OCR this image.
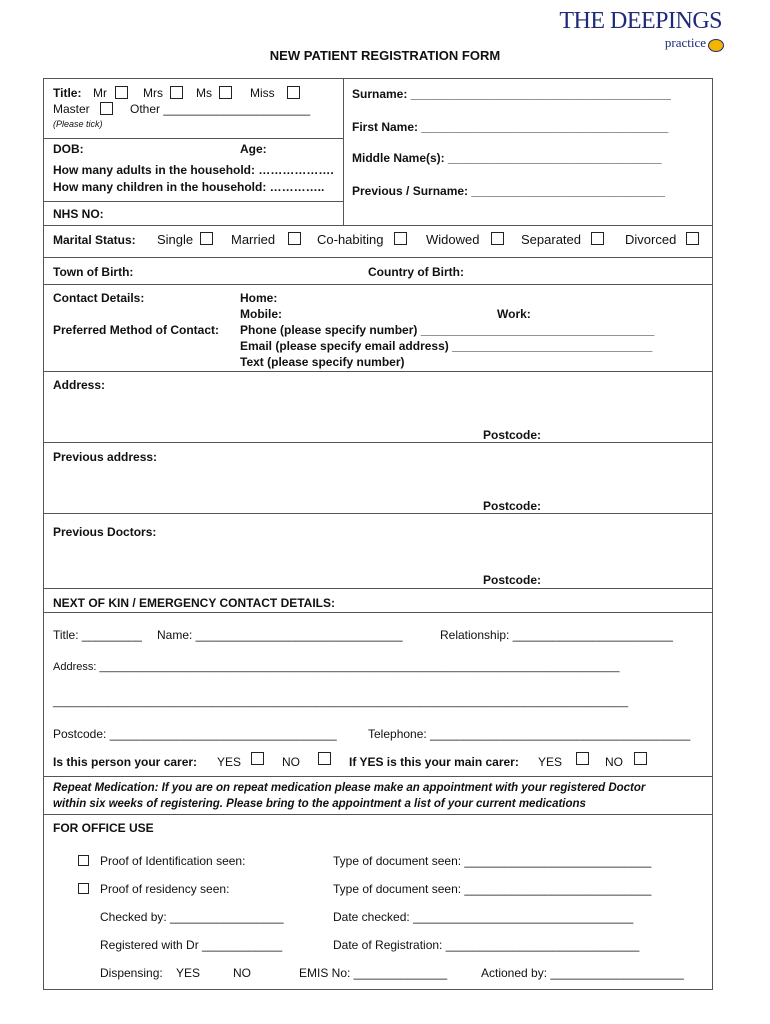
THE DEEPINGS
practice
NEW PATIENT REGISTRATION FORM
Title: Mr	Mrs	Ms	Miss
Master	Other ______________________
(Please tick)
Surname: _______________________________________
First Name: _____________________________________
Middle Name(s): ________________________________
Previous / Surname: _____________________________
DOB:	Age:
How many adults in the household: ……………….
How many children in the household: …………..
NHS NO:
Marital Status: Single	Married	Co-habiting	Widowed	Separated	Divorced
Town of Birth:	Country of Birth:
Contact Details:	Home:
Mobile:	Work:
Preferred Method of Contact: Phone (please specify number) ___________________________________
Email (please specify email address) ______________________________
Text (please specify number)
Address:
Postcode:
Previous address:
Postcode:
Previous Doctors:
Postcode:
NEXT OF KIN / EMERGENCY CONTACT DETAILS:
Title: _________ Name: _______________________________	Relationship: ________________________
Address: _____________________________________________________________________________________
______________________________________________________________________________________________
Postcode: __________________________________	Telephone: _______________________________________
Is this person your carer: YES	NO	If YES is this your main carer: YES	NO
Repeat Medication: If you are on repeat medication please make an appointment with your registered Doctor
within six weeks of registering. Please bring to the appointment a list of your current medications
FOR OFFICE USE
Proof of Identification seen:	Type of document seen: ____________________________
Proof of residency seen:	Type of document seen: ____________________________
Checked by: _________________	Date checked: _________________________________
Registered with Dr ____________	Date of Registration: _____________________________
Dispensing: YES	NO	EMIS No: ______________	Actioned by: ____________________
